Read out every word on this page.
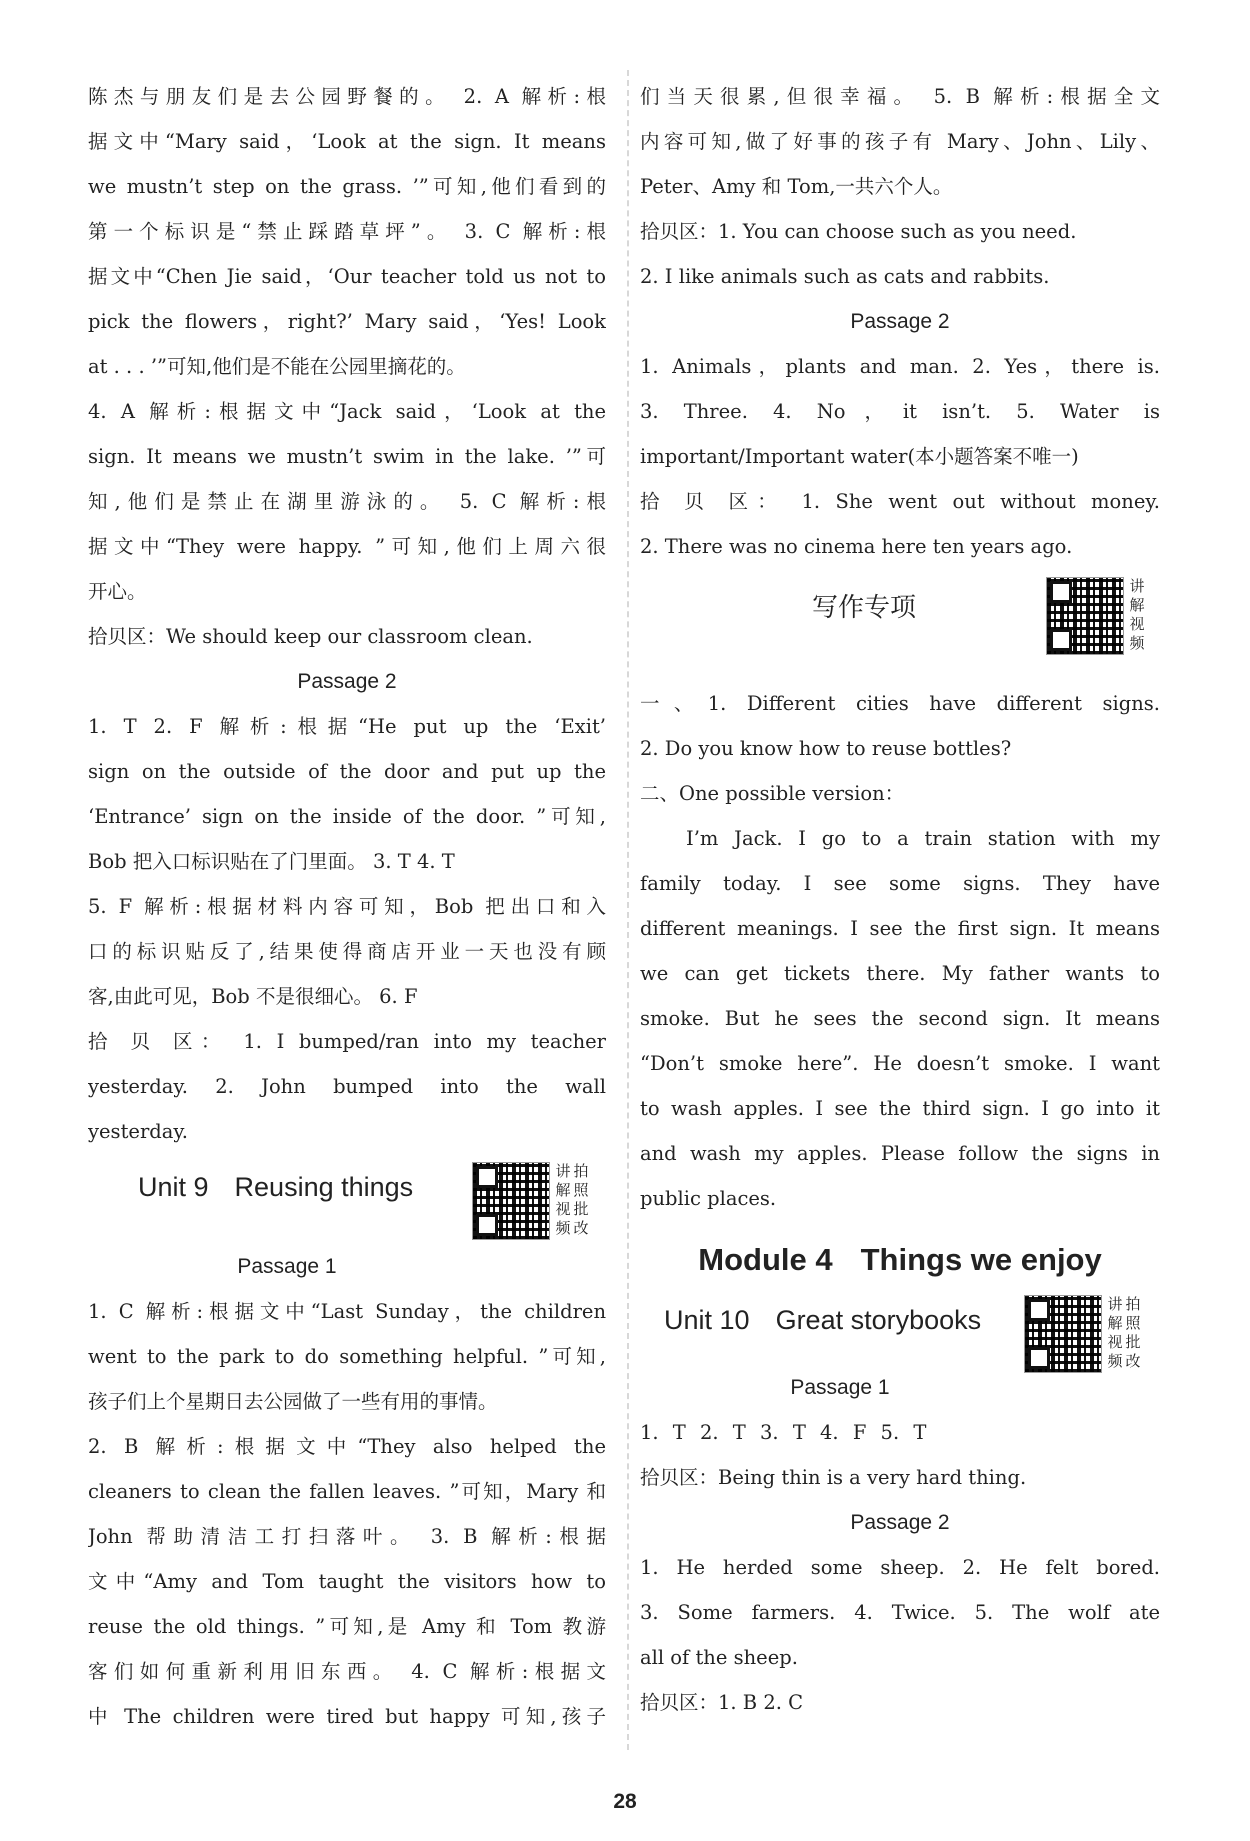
陈杰与朋友们是去公园野餐的。 2. A 解析:根
据文中“Mary said，‘Look at the sign. It means
we mustn’t step on the grass. ’”可知,他们看到的
第一个标识是“禁止踩踏草坪”。 3. C 解析:根
据文中“Chen Jie said，‘Our teacher told us not to
pick the flowers，right?’ Mary said，‘Yes! Look
at . . . ’”可知,他们是不能在公园里摘花的。
4. A 解析:根据文中“Jack said，‘Look at the
sign. It means we mustn’t swim in the lake. ’”可
知,他们是禁止在湖里游泳的。 5. C 解析:根
据文中“They were happy. ”可知,他们上周六很
开心。
拾贝区：We should keep our classroom clean.
Passage 2
1. T 2. F 解析:根据“He put up the ‘Exit’
sign on the outside of the door and put up the
‘Entrance’ sign on the inside of the door. ”可知,
Bob 把入口标识贴在了门里面。 3. T 4. T
5. F 解析:根据材料内容可知，Bob 把出口和入
口的标识贴反了,结果使得商店开业一天也没有顾
客,由此可见，Bob 不是很细心。 6. F
拾 贝 区： 1. I bumped/ran into my teacher
yesterday. 2. John bumped into the wall
yesterday.
Unit 9 Reusing things
讲
解
视
频
拍
照
批
改
Passage 1
1. C 解析:根据文中“Last Sunday，the children
went to the park to do something helpful. ”可知,
孩子们上个星期日去公园做了一些有用的事情。
2. B 解析:根据文中“They also helped the
cleaners to clean the fallen leaves. ”可知，Mary 和
John 帮助清洁工打扫落叶。 3. B 解析:根据
文中“Amy and Tom taught the visitors how to
reuse the old things. ”可知,是 Amy 和 Tom 教游
客们如何重新利用旧东西。 4. C 解析:根据文
中 The children were tired but happy 可知,孩子
们当天很累,但很幸福。 5. B 解析:根据全文
内容可知,做了好事的孩子有 Mary、John、Lily、
Peter、Amy 和 Tom,一共六个人。
拾贝区：1. You can choose such as you need.
2. I like animals such as cats and rabbits.
Passage 2
1. Animals，plants and man. 2. Yes，there is.
3. Three. 4. No，it isn’t. 5. Water is
important/Important water(本小题答案不唯一)
拾 贝 区： 1. She went out without money.
2. There was no cinema here ten years ago.
写作专项
讲
解
视
频
一、1. Different cities have different signs.
2. Do you know how to reuse bottles?
二、One possible version：
I’m Jack. I go to a train station with my
family today. I see some signs. They have
different meanings. I see the first sign. It means
we can get tickets there. My father wants to
smoke. But he sees the second sign. It means
“Don’t smoke here”. He doesn’t smoke. I want
to wash apples. I see the third sign. I go into it
and wash my apples. Please follow the signs in
public places.
Module 4 Things we enjoy
Unit 10 Great storybooks
讲
解
视
频
拍
照
批
改
Passage 1
1. T 2. T 3. T 4. F 5. T
拾贝区：Being thin is a very hard thing.
Passage 2
1. He herded some sheep. 2. He felt bored.
3. Some farmers. 4. Twice. 5. The wolf ate
all of the sheep.
拾贝区：1. B 2. C
28
